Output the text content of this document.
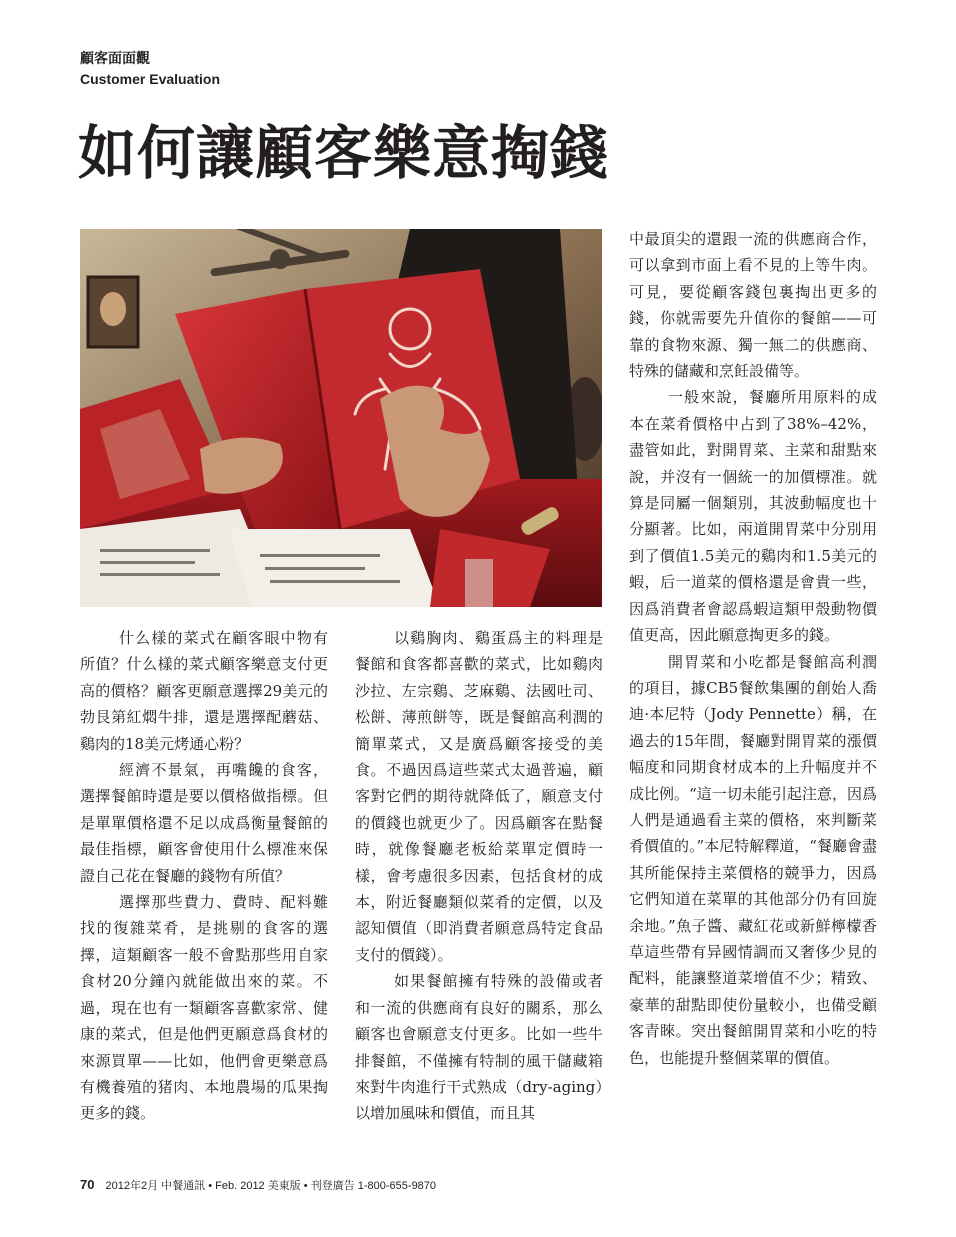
顧客面面觀
Customer Evaluation
如何讓顧客樂意掏錢

什么樣的菜式在顧客眼中物有所值？什么樣的菜式顧客樂意支付更高的價格？顧客更願意選擇29美元的勃艮第紅燜牛排，還是選擇配蘑菇、鷄肉的18美元烤通心粉？

經濟不景氣，再嘴饞的食客，選擇餐館時還是要以價格做指標。但是單單價格還不足以成爲衡量餐館的最佳指標，顧客會使用什么標准來保證自己花在餐廳的錢物有所值？

選擇那些費力、費時、配料難找的復雜菜肴，是挑剔的食客的選擇，這類顧客一般不會點那些用自家食材20分鐘內就能做出來的菜。不過，現在也有一類顧客喜歡家常、健康的菜式，但是他們更願意爲食材的來源買單——比如，他們會更樂意爲有機養殖的猪肉、本地農場的瓜果掏更多的錢。

以鷄胸肉、鷄蛋爲主的料理是餐館和食客都喜歡的菜式，比如鷄肉沙拉、左宗鷄、芝麻鷄、法國吐司、松餅、薄煎餅等，既是餐館高利潤的簡單菜式，又是廣爲顧客接受的美食。不過因爲這些菜式太過普遍，顧客對它們的期待就降低了，願意支付的價錢也就更少了。因爲顧客在點餐時，就像餐廳老板給菜單定價時一樣，會考慮很多因素，包括食材的成本，附近餐廳類似菜肴的定價，以及認知價值（即消費者願意爲特定食品支付的價錢）。

如果餐館擁有特殊的設備或者和一流的供應商有良好的關系，那么顧客也會願意支付更多。比如一些牛排餐館，不僅擁有特制的風干儲藏箱來對牛肉進行干式熟成（dry-aging）以增加風味和價值，而且其

中最頂尖的還跟一流的供應商合作，可以拿到市面上看不見的上等牛肉。可見，要從顧客錢包裏掏出更多的錢，你就需要先升值你的餐館——可靠的食物來源、獨一無二的供應商、特殊的儲藏和烹飪設備等。

一般來說，餐廳所用原料的成本在菜肴價格中占到了38%–42%，盡管如此，對開胃菜、主菜和甜點來說，并沒有一個統一的加價標准。就算是同屬一個類別，其波動幅度也十分顯著。比如，兩道開胃菜中分別用到了價值1.5美元的鷄肉和1.5美元的蝦，后一道菜的價格還是會貴一些，因爲消費者會認爲蝦這類甲殼動物價值更高，因此願意掏更多的錢。

開胃菜和小吃都是餐館高利潤的項目，據CB5餐飲集團的創始人喬迪·本尼特（Jody Pennette）稱，在過去的15年間，餐廳對開胃菜的漲價幅度和同期食材成本的上升幅度并不成比例。“這一切未能引起注意，因爲人們是通過看主菜的價格，來判斷菜肴價值的。”本尼特解釋道，“餐廳會盡其所能保持主菜價格的競爭力，因爲它們知道在菜單的其他部分仍有回旋余地。”魚子醬、藏紅花或新鮮檸檬香草這些帶有异國情調而又奢侈少見的配料，能讓整道菜增值不少；精致、豪華的甜點即使份量較小，也備受顧客青睞。突出餐館開胃菜和小吃的特色，也能提升整個菜單的價值。

70 2012年2月 中餐通訊 • Feb. 2012 美東版 • 刊登廣告 1-800-655-9870
